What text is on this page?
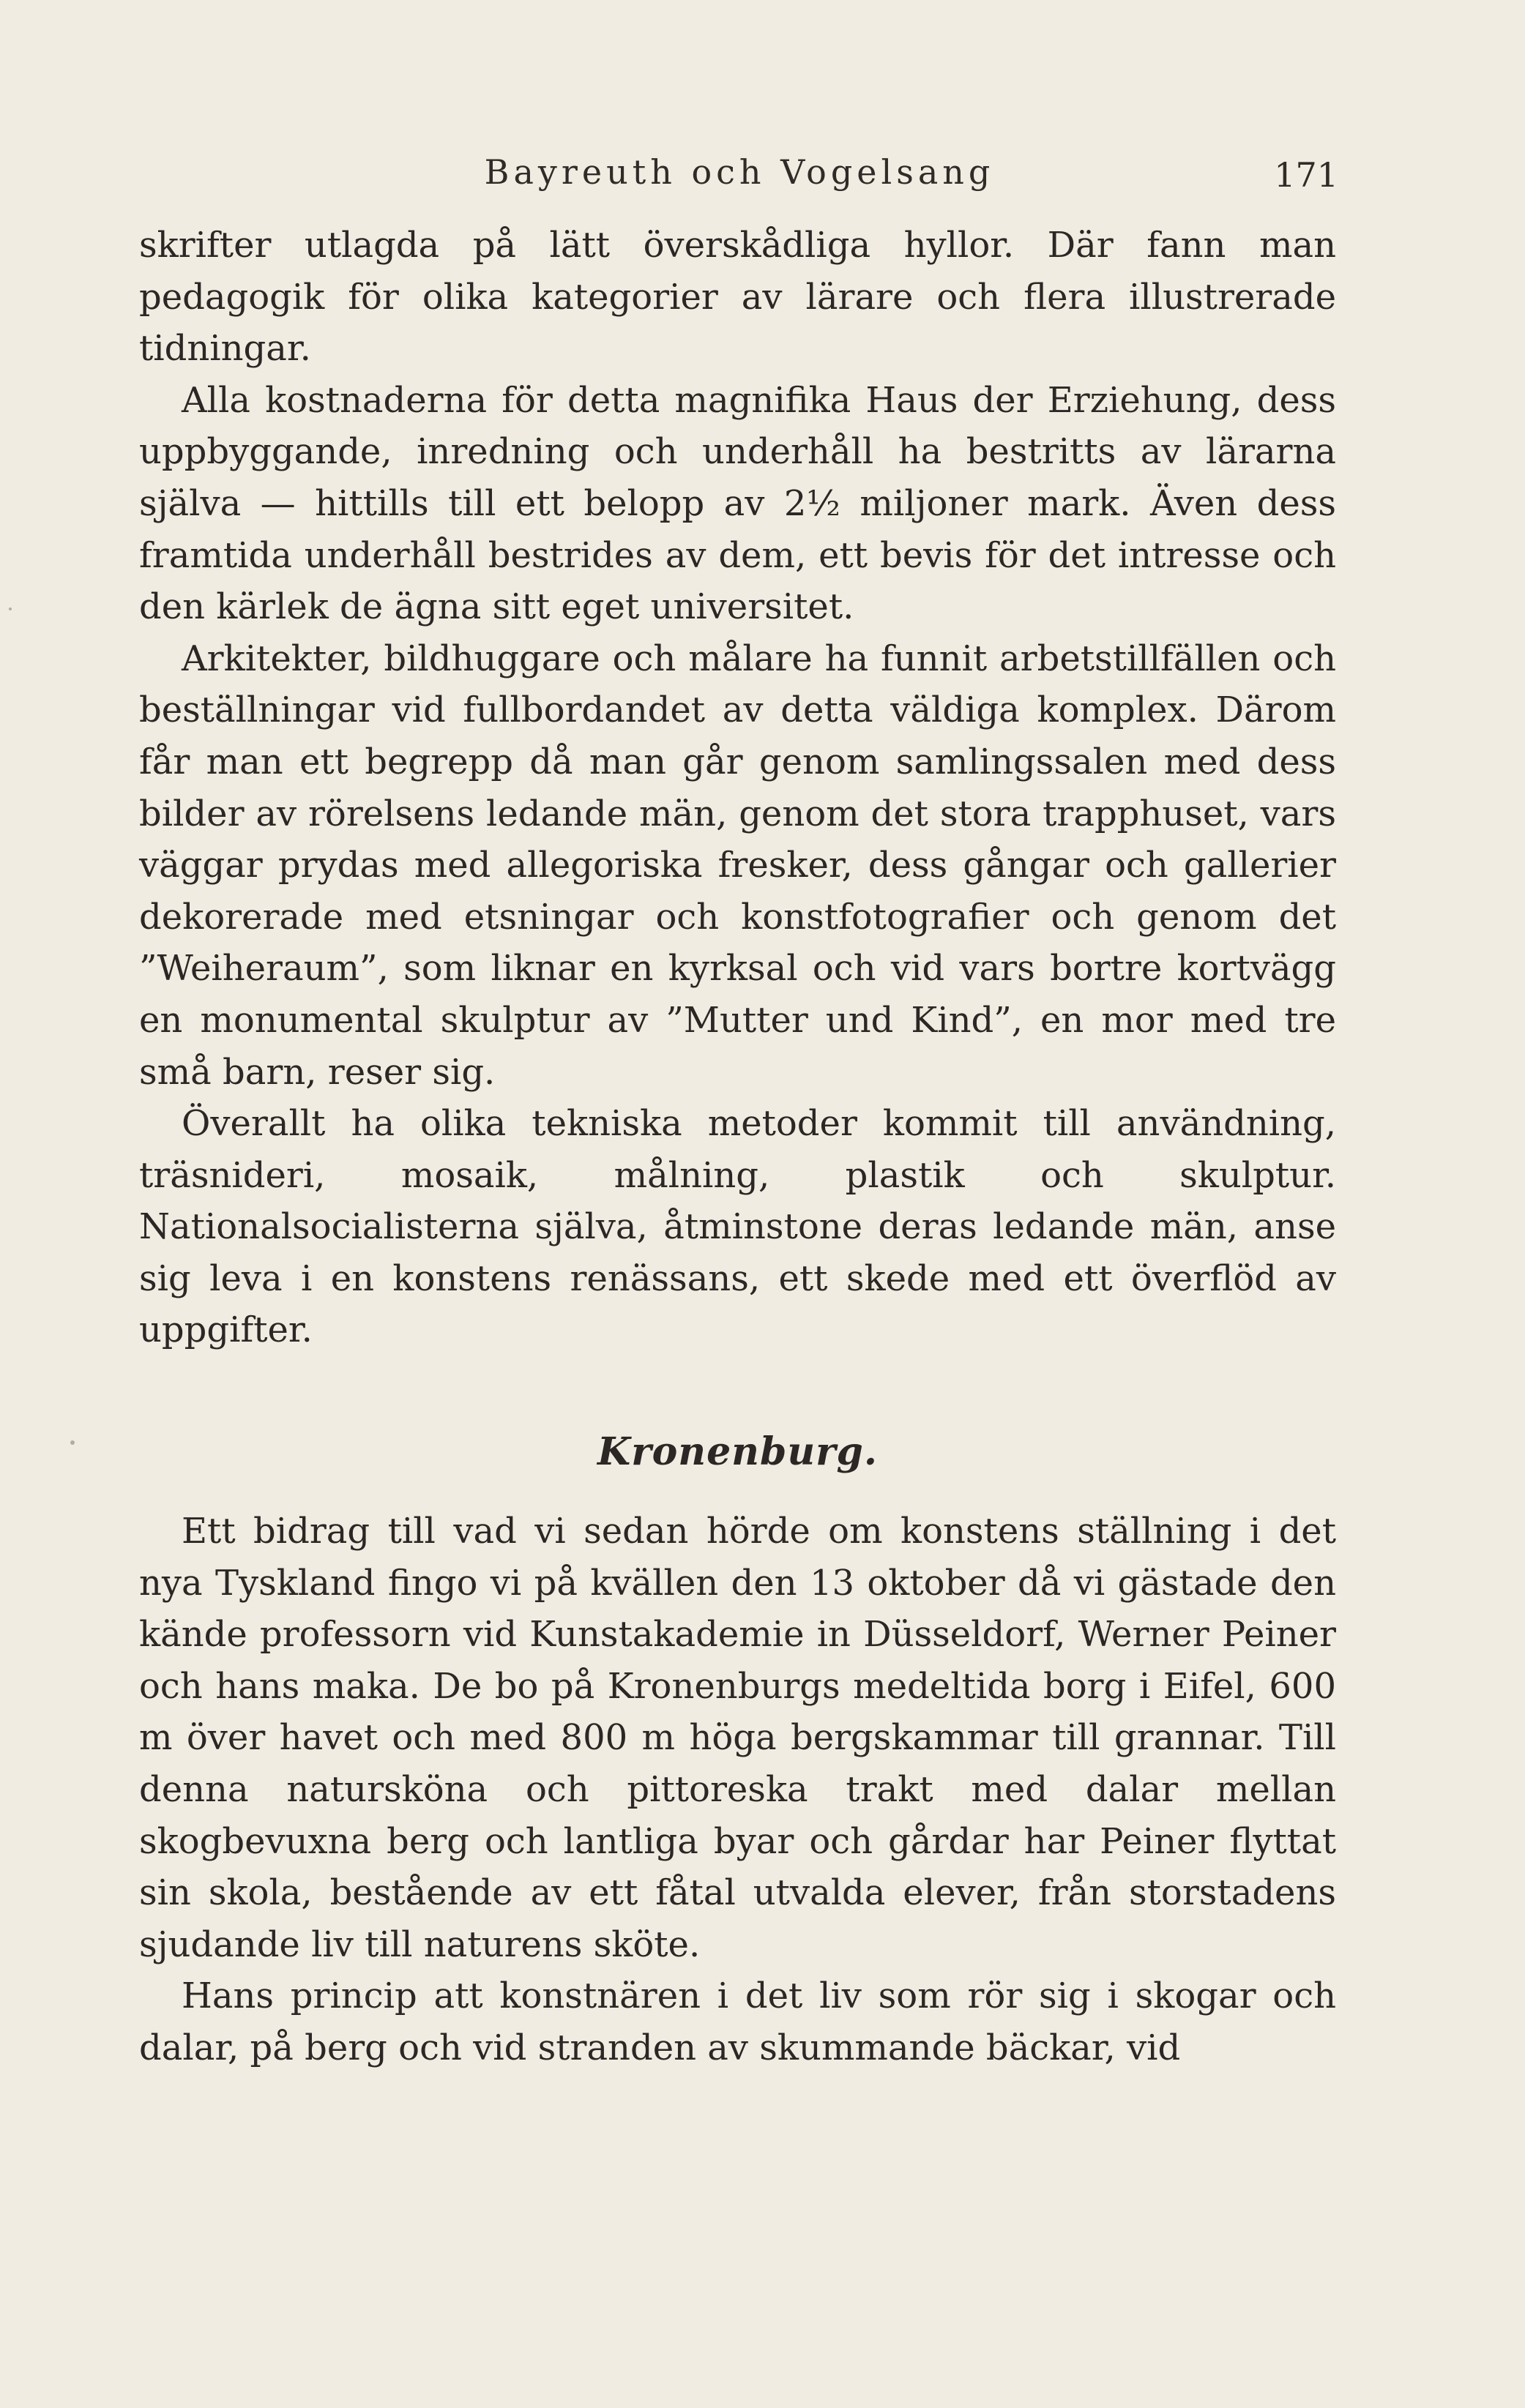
Bayreuth och Vogelsang	171

skrifter utlagda på lätt överskådliga hyllor. Där fann man pedagogik för olika kategorier av lärare och flera illustrerade tidningar.

Alla kostnaderna för detta magnifika Haus der Erziehung, dess uppbyggande, inredning och underhåll ha bestritts av lärarna själva — hittills till ett belopp av 2½ miljoner mark. Även dess framtida underhåll bestrides av dem, ett bevis för det intresse och den kärlek de ägna sitt eget universitet.

Arkitekter, bildhuggare och målare ha funnit arbetstillfällen och beställningar vid fullbordandet av detta väldiga komplex. Därom får man ett begrepp då man går genom samlingssalen med dess bilder av rörelsens ledande män, genom det stora trapphuset, vars väggar prydas med allegoriska fresker, dess gångar och gallerier dekorerade med etsningar och konstfotografier och genom det ”Weiheraum”, som liknar en kyrksal och vid vars bortre kortvägg en monumental skulptur av ”Mutter und Kind”, en mor med tre små barn, reser sig.

Överallt ha olika tekniska metoder kommit till användning, träsnideri, mosaik, målning, plastik och skulptur. Nationalsocialisterna själva, åtminstone deras ledande män, anse sig leva i en konstens renässans, ett skede med ett överflöd av uppgifter.

Kronenburg.

Ett bidrag till vad vi sedan hörde om konstens ställning i det nya Tyskland fingo vi på kvällen den 13 oktober då vi gästade den kände professorn vid Kunstakademie in Düsseldorf, Werner Peiner och hans maka. De bo på Kronenburgs medeltida borg i Eifel, 600 m över havet och med 800 m höga bergskammar till grannar. Till denna natursköna och pittoreska trakt med dalar mellan skogbevuxna berg och lantliga byar och gårdar har Peiner flyttat sin skola, bestående av ett fåtal utvalda elever, från storstadens sjudande liv till naturens sköte.

Hans princip att konstnären i det liv som rör sig i skogar och dalar, på berg och vid stranden av skummande bäckar, vid
